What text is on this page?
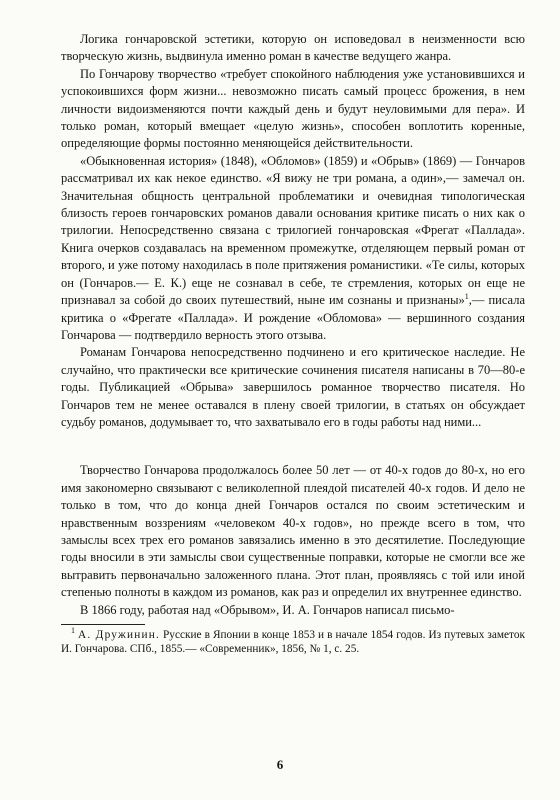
Логика гончаровской эстетики, которую он исповедовал в неизменности всю творческую жизнь, выдвинула именно роман в качестве ведущего жанра.

По Гончарову творчество «требует спокойного наблюдения уже установившихся и успокоившихся форм жизни... невозможно писать самый процесс брожения, в нем личности видоизменяются почти каждый день и будут неуловимыми для пера». И только роман, который вмещает «целую жизнь», способен воплотить коренные, определяющие формы постоянно меняющейся действительности.

«Обыкновенная история» (1848), «Обломов» (1859) и «Обрыв» (1869) — Гончаров рассматривал их как некое единство. «Я вижу не три романа, а один»,— замечал он. Значительная общность центральной проблематики и очевидная типологическая близость героев гончаровских романов давали основания критике писать о них как о трилогии. Непосредственно связана с трилогией гончаровская «Фрегат «Паллада». Книга очерков создавалась на временном промежутке, отделяющем первый роман от второго, и уже потому находилась в поле притяжения романистики. «Те силы, которых он (Гончаров.— Е. К.) еще не сознавал в себе, те стремления, которых он еще не признавал за собой до своих путешествий, ныне им сознаны и признаны»$^1$,— писала критика о «Фрегате «Паллада». И рождение «Обломова» — вершинного создания Гончарова — подтвердило верность этого отзыва.

Романам Гончарова непосредственно подчинено и его критическое наследие. Не случайно, что практически все критические сочинения писателя написаны в 70—80-е годы. Публикацией «Обрыва» завершилось романное творчество писателя. Но Гончаров тем не менее оставался в плену своей трилогии, в статьях он обсуждает судьбу романов, додумывает то, что захватывало его в годы работы над ними...

Творчество Гончарова продолжалось более 50 лет — от 40-х годов до 80-х, но его имя закономерно связывают с великолепной плеядой писателей 40-х годов. И дело не только в том, что до конца дней Гончаров остался по своим эстетическим и нравственным воззрениям «человеком 40-х годов», но прежде всего в том, что замыслы всех трех его романов завязались именно в это десятилетие. Последующие годы вносили в эти замыслы свои существенные поправки, которые не смогли все же вытравить первоначально заложенного плана. Этот план, проявляясь с той или иной степенью полноты в каждом из романов, как раз и определил их внутреннее единство.

В 1866 году, работая над «Обрывом», И. А. Гончаров написал письмо-

$^1$ А. Дружинин. Русские в Японии в конце 1853 и в начале 1854 годов. Из путевых заметок И. Гончарова. СПб., 1855.— «Современник», 1856, № 1, с. 25.

6
